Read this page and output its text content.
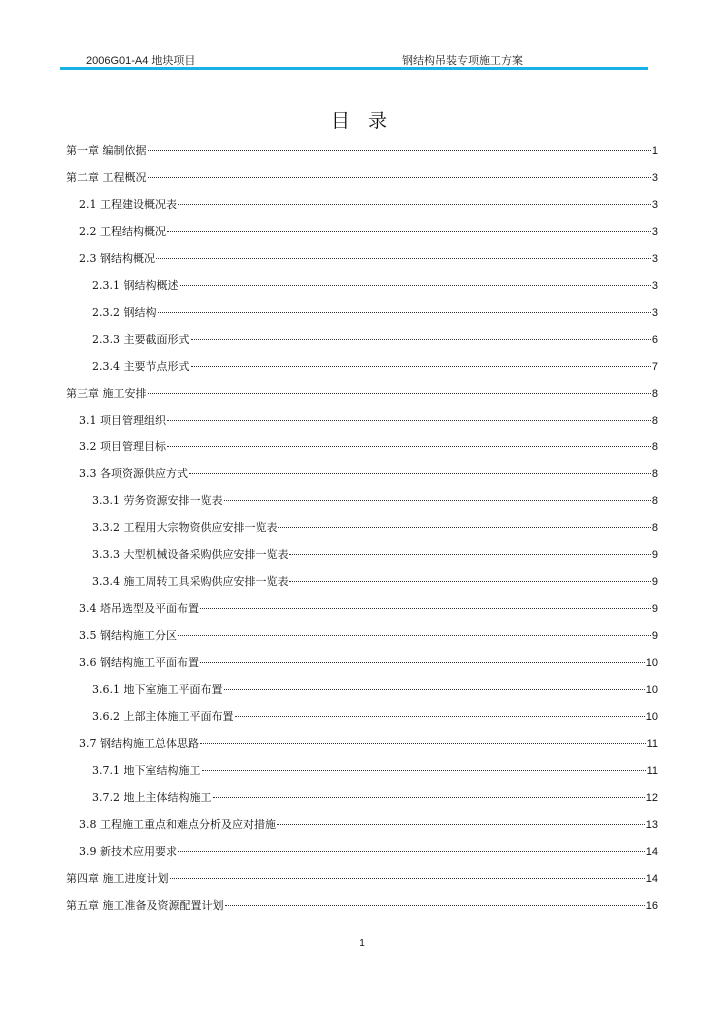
2006G01-A4 地块项目	钢结构吊装专项施工方案
目 录
第一章 编制依据	1
第二章 工程概况	3
2.1 工程建设概况表	3
2.2 工程结构概况	3
2.3 钢结构概况	3
2.3.1 钢结构概述	3
2.3.2 钢结构	3
2.3.3 主要截面形式	6
2.3.4 主要节点形式	7
第三章 施工安排	8
3.1 项目管理组织	8
3.2 项目管理目标	8
3.3 各项资源供应方式	8
3.3.1 劳务资源安排一览表	8
3.3.2 工程用大宗物资供应安排一览表	8
3.3.3 大型机械设备采购供应安排一览表	9
3.3.4 施工周转工具采购供应安排一览表	9
3.4 塔吊选型及平面布置	9
3.5 钢结构施工分区	9
3.6 钢结构施工平面布置	10
3.6.1 地下室施工平面布置	10
3.6.2 上部主体施工平面布置	10
3.7 钢结构施工总体思路	11
3.7.1 地下室结构施工	11
3.7.2 地上主体结构施工	12
3.8 工程施工重点和难点分析及应对措施	13
3.9 新技术应用要求	14
第四章 施工进度计划	14
第五章 施工准备及资源配置计划	16
1
